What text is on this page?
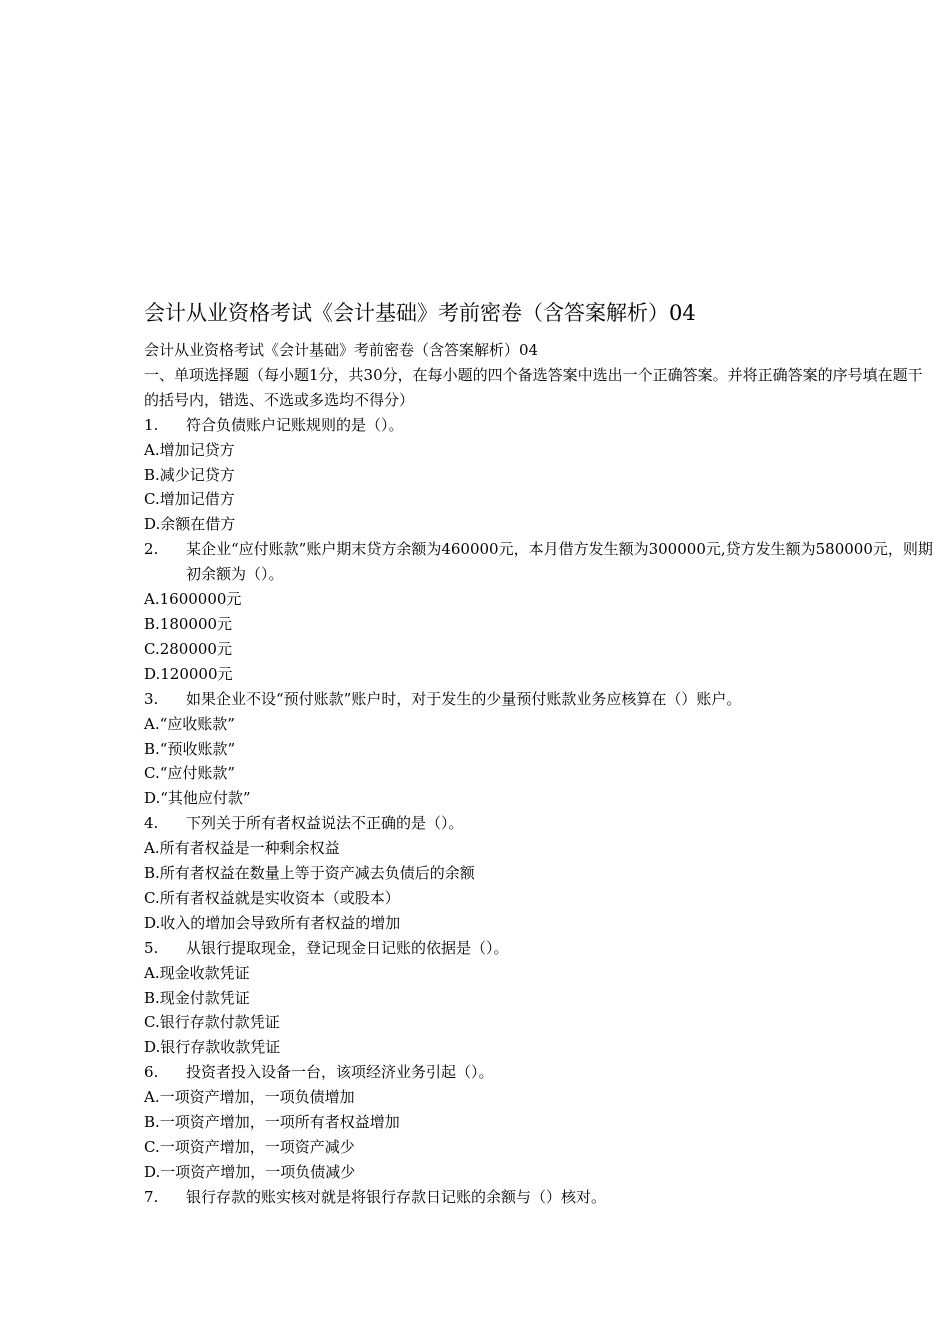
会计从业资格考试《会计基础》考前密卷（含答案解析）04

会计从业资格考试《会计基础》考前密卷（含答案解析）04

一、单项选择题（每小题1分，共30分，在每小题的四个备选答案中选出一个正确答案。并将正确答案的序号填在题干的括号内，错选、不选或多选均不得分）

1.	符合负债账户记账规则的是（）。

A.增加记贷方

B.减少记贷方

C.增加记借方

D.余额在借方

2.	某企业“应付账款”账户期末贷方余额为460000元，本月借方发生额为300000元,贷方发生额为580000元，则期初余额为（）。

A.1600000元

B.180000元

C.280000元

D.120000元

3.	如果企业不设“预付账款”账户时，对于发生的少量预付账款业务应核算在（）账户。

A.“应收账款”

B.“预收账款”

C.“应付账款”

D.“其他应付款”

4.	下列关于所有者权益说法不正确的是（）。

A.所有者权益是一种剩余权益

B.所有者权益在数量上等于资产减去负债后的余额

C.所有者权益就是实收资本（或股本）

D.收入的增加会导致所有者权益的增加

5.	从银行提取现金，登记现金日记账的依据是（）。

A.现金收款凭证

B.现金付款凭证

C.银行存款付款凭证

D.银行存款收款凭证

6.	投资者投入设备一台，该项经济业务引起（）。

A.一项资产增加，一项负债增加

B.一项资产增加，一项所有者权益增加

C.一项资产增加，一项资产减少

D.一项资产增加，一项负债减少

7.	银行存款的账实核对就是将银行存款日记账的余额与（）核对。
